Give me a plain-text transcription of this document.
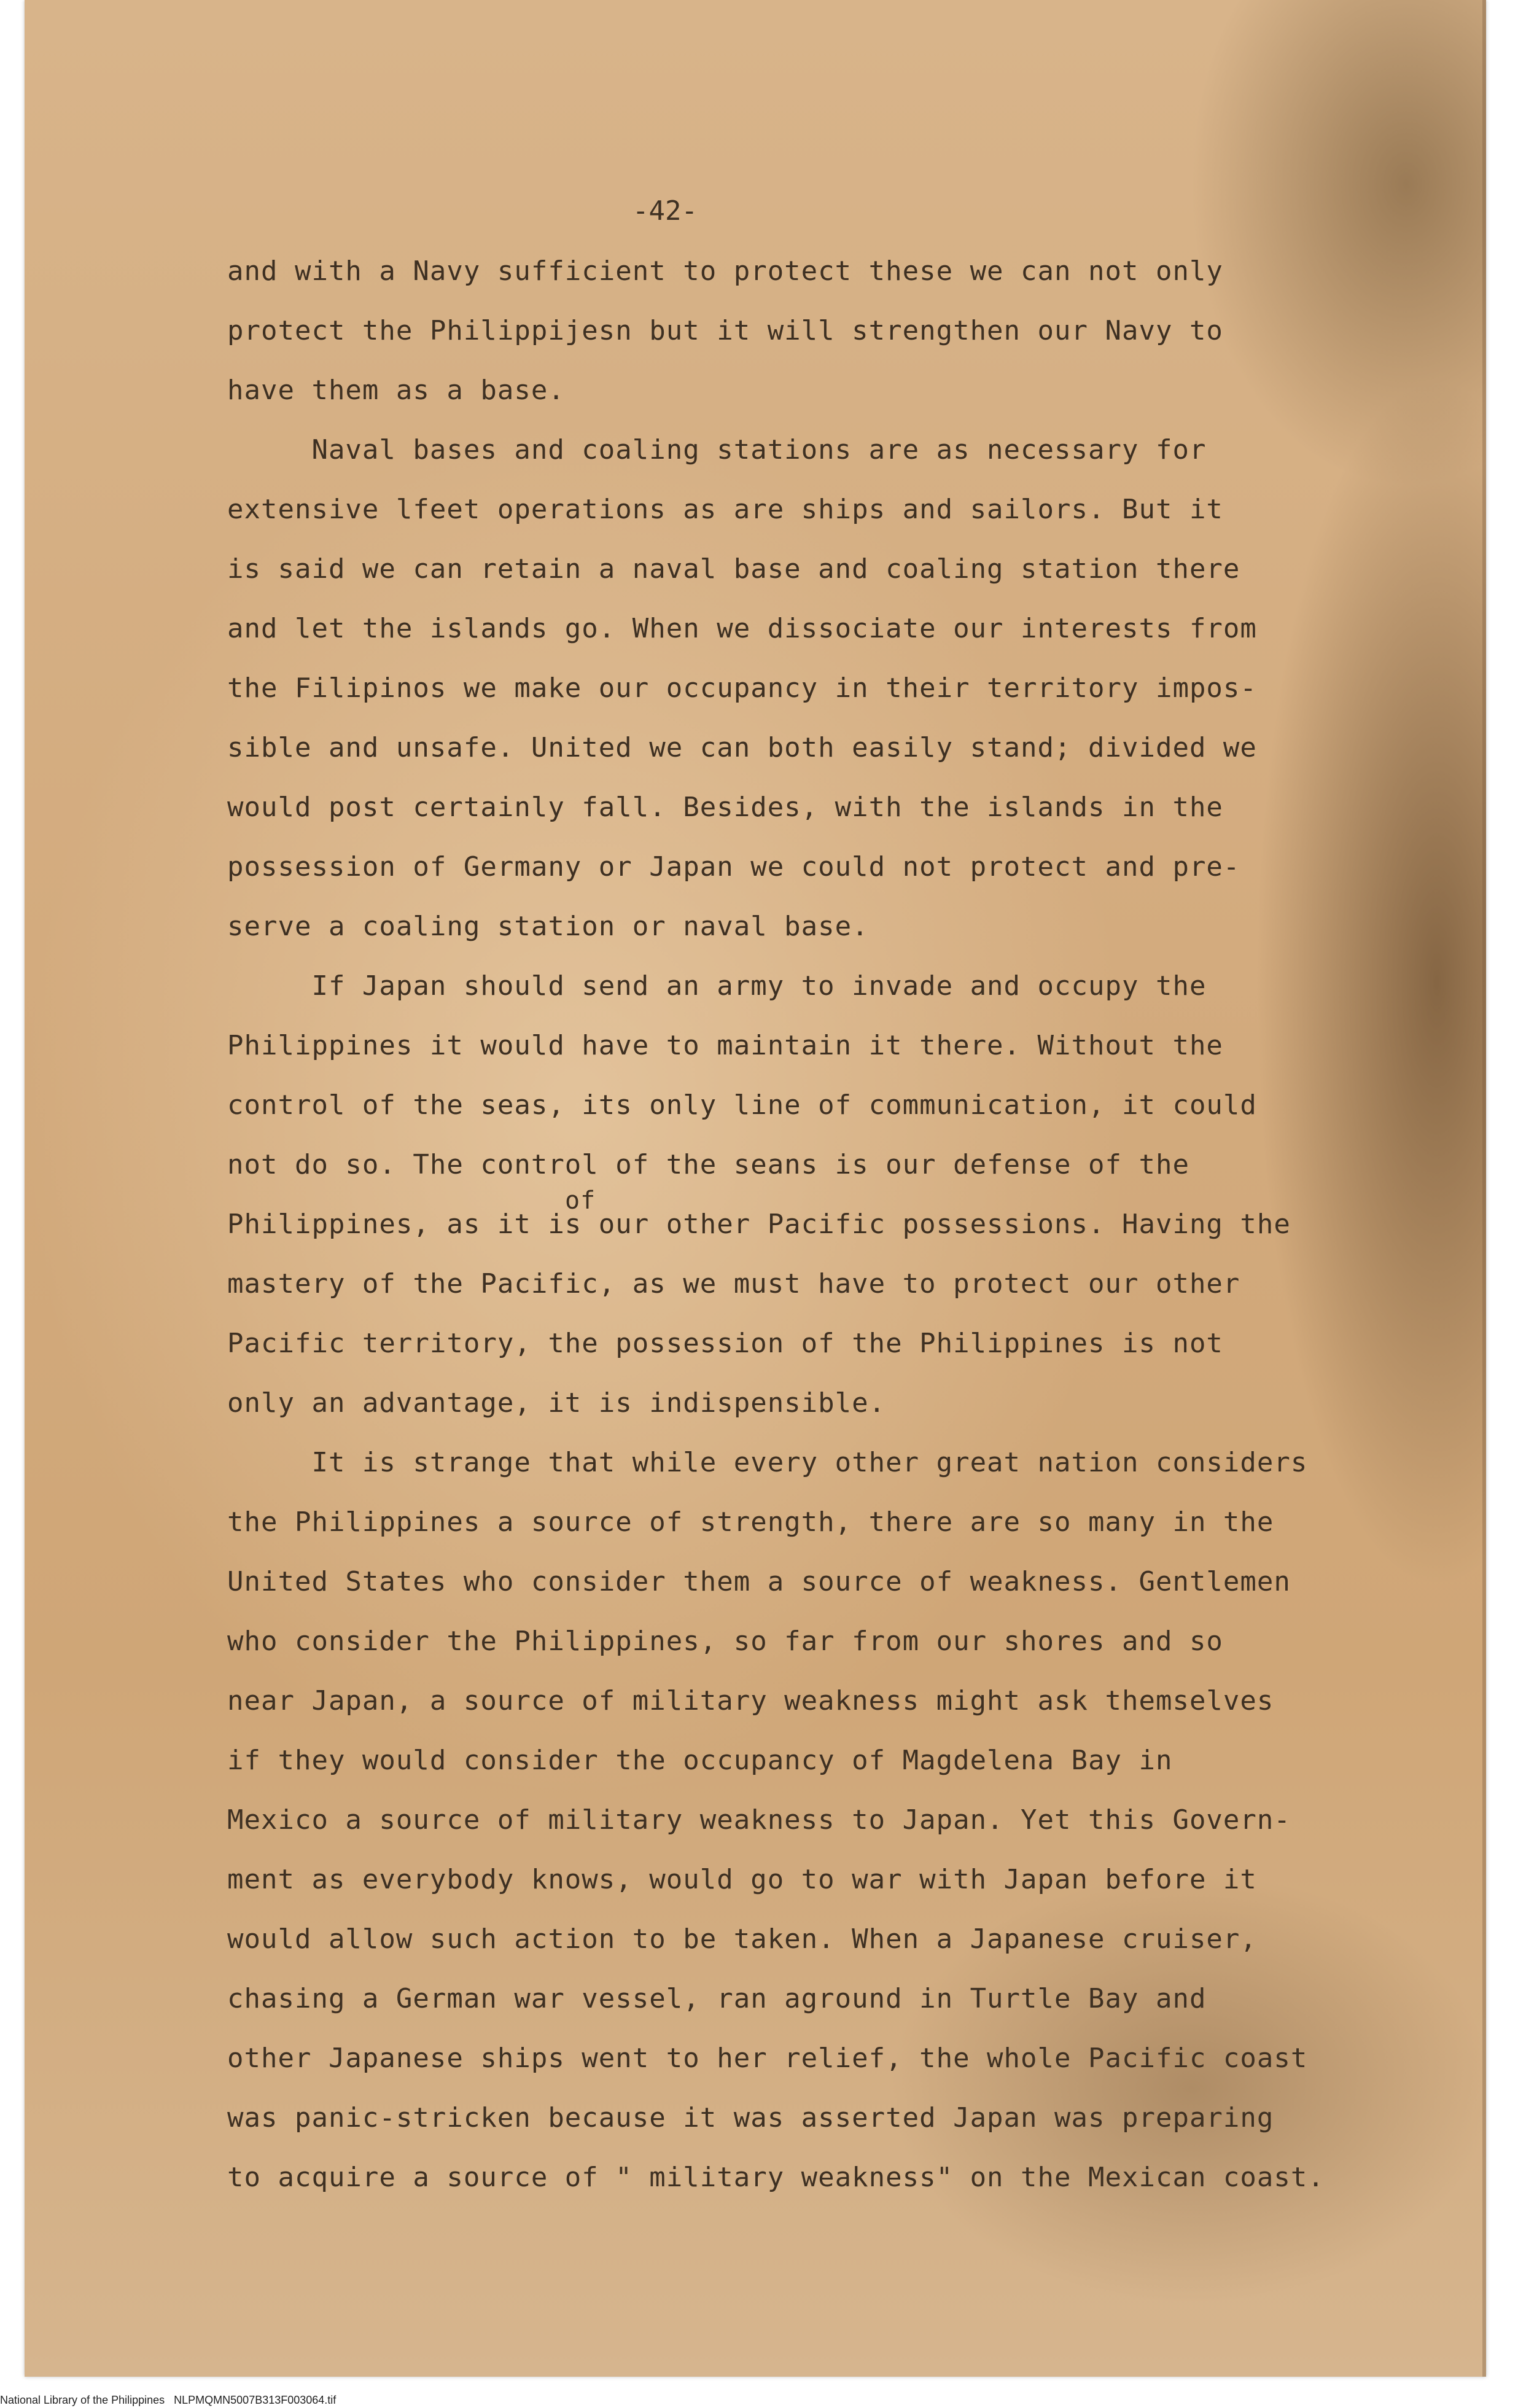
-42-
and with a Navy sufficient to protect these we can not only
protect the Philippijesn but it will strengthen our Navy to
have them as a base.
Naval bases and coaling stations are as necessary for
extensive lfeet operations as are ships and sailors. But it
is said we can retain a naval base and coaling station there
and let the islands go. When we dissociate our interests from
the Filipinos we make our occupancy in their territory impos-
sible and unsafe. United we can both easily stand; divided we
would post certainly fall. Besides, with the islands in the
possession of Germany or Japan we could not protect and pre-
serve a coaling station or naval base.
If Japan should send an army to invade and occupy the
Philippines it would have to maintain it there. Without the
control of the seas, its only line of communication, it could
not do so. The control of the seans is our defense of the
of
Philippines, as it is our other Pacific possessions. Having the
mastery of the Pacific, as we must have to protect our other
Pacific territory, the possession of the Philippines is not
only an advantage, it is indispensible.
It is strange that while every other great nation considers
the Philippines a source of strength, there are so many in the
United States who consider them a source of weakness. Gentlemen
who consider the Philippines, so far from our shores and so
near Japan, a source of military weakness might ask themselves
if they would consider the occupancy of Magdelena Bay in
Mexico a source of military weakness to Japan. Yet this Govern-
ment as everybody knows, would go to war with Japan before it
would allow such action to be taken. When a Japanese cruiser,
chasing a German war vessel, ran aground in Turtle Bay and
other Japanese ships went to her relief, the whole Pacific coast
was panic-stricken because it was asserted Japan was preparing
to acquire a source of " military weakness" on the Mexican coast.
National Library of the Philippines   NLPMQMN5007B313F003064.tif
